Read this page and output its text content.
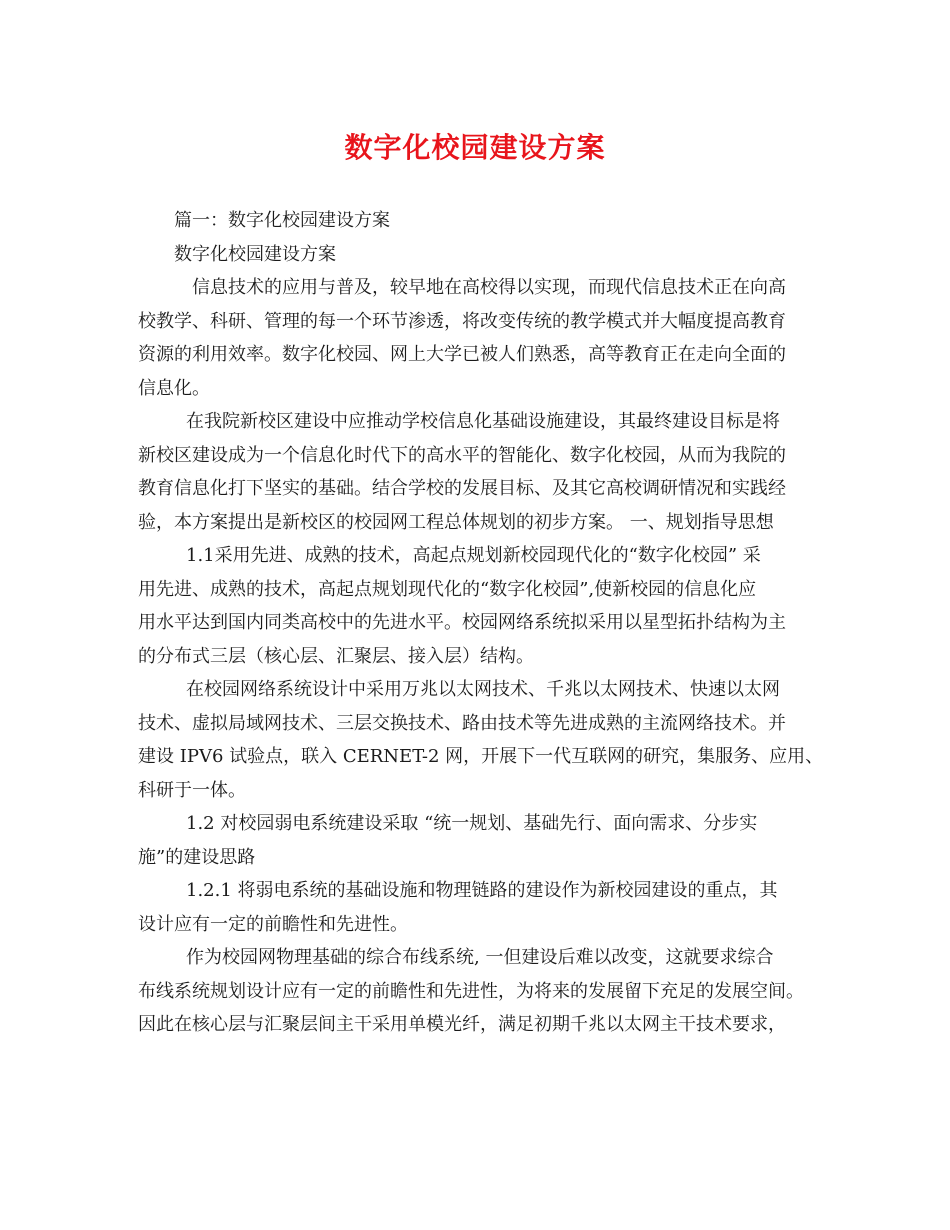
数字化校园建设方案
篇一：数字化校园建设方案
数字化校园建设方案
信息技术的应用与普及，较早地在高校得以实现，而现代信息技术正在向高
校教学、科研、管理的每一个环节渗透，将改变传统的教学模式并大幅度提高教育
资源的利用效率。数字化校园、网上大学已被人们熟悉，高等教育正在走向全面的
信息化。
在我院新校区建设中应推动学校信息化基础设施建设，其最终建设目标是将
新校区建设成为一个信息化时代下的高水平的智能化、数字化校园，从而为我院的
教育信息化打下坚实的基础。结合学校的发展目标、及其它高校调研情况和实践经
验，本方案提出是新校区的校园网工程总体规划的初步方案。 一、规划指导思想
1.1采用先进、成熟的技术，高起点规划新校园现代化的“数字化校园” 采
用先进、成熟的技术，高起点规划现代化的“数字化校园”,使新校园的信息化应
用水平达到国内同类高校中的先进水平。校园网络系统拟采用以星型拓扑结构为主
的分布式三层（核心层、汇聚层、接入层）结构。
在校园网络系统设计中采用万兆以太网技术、千兆以太网技术、快速以太网
技术、虚拟局域网技术、三层交换技术、路由技术等先进成熟的主流网络技术。并
建设 IPV6 试验点，联入 CERNET-2 网，开展下一代互联网的研究，集服务、应用、
科研于一体。
1.2 对校园弱电系统建设采取 “统一规划、基础先行、面向需求、分步实
施”的建设思路
1.2.1 将弱电系统的基础设施和物理链路的建设作为新校园建设的重点，其
设计应有一定的前瞻性和先进性。
作为校园网物理基础的综合布线系统, 一但建设后难以改变，这就要求综合
布线系统规划设计应有一定的前瞻性和先进性，为将来的发展留下充足的发展空间。
因此在核心层与汇聚层间主干采用单模光纤，满足初期千兆以太网主干技术要求，
